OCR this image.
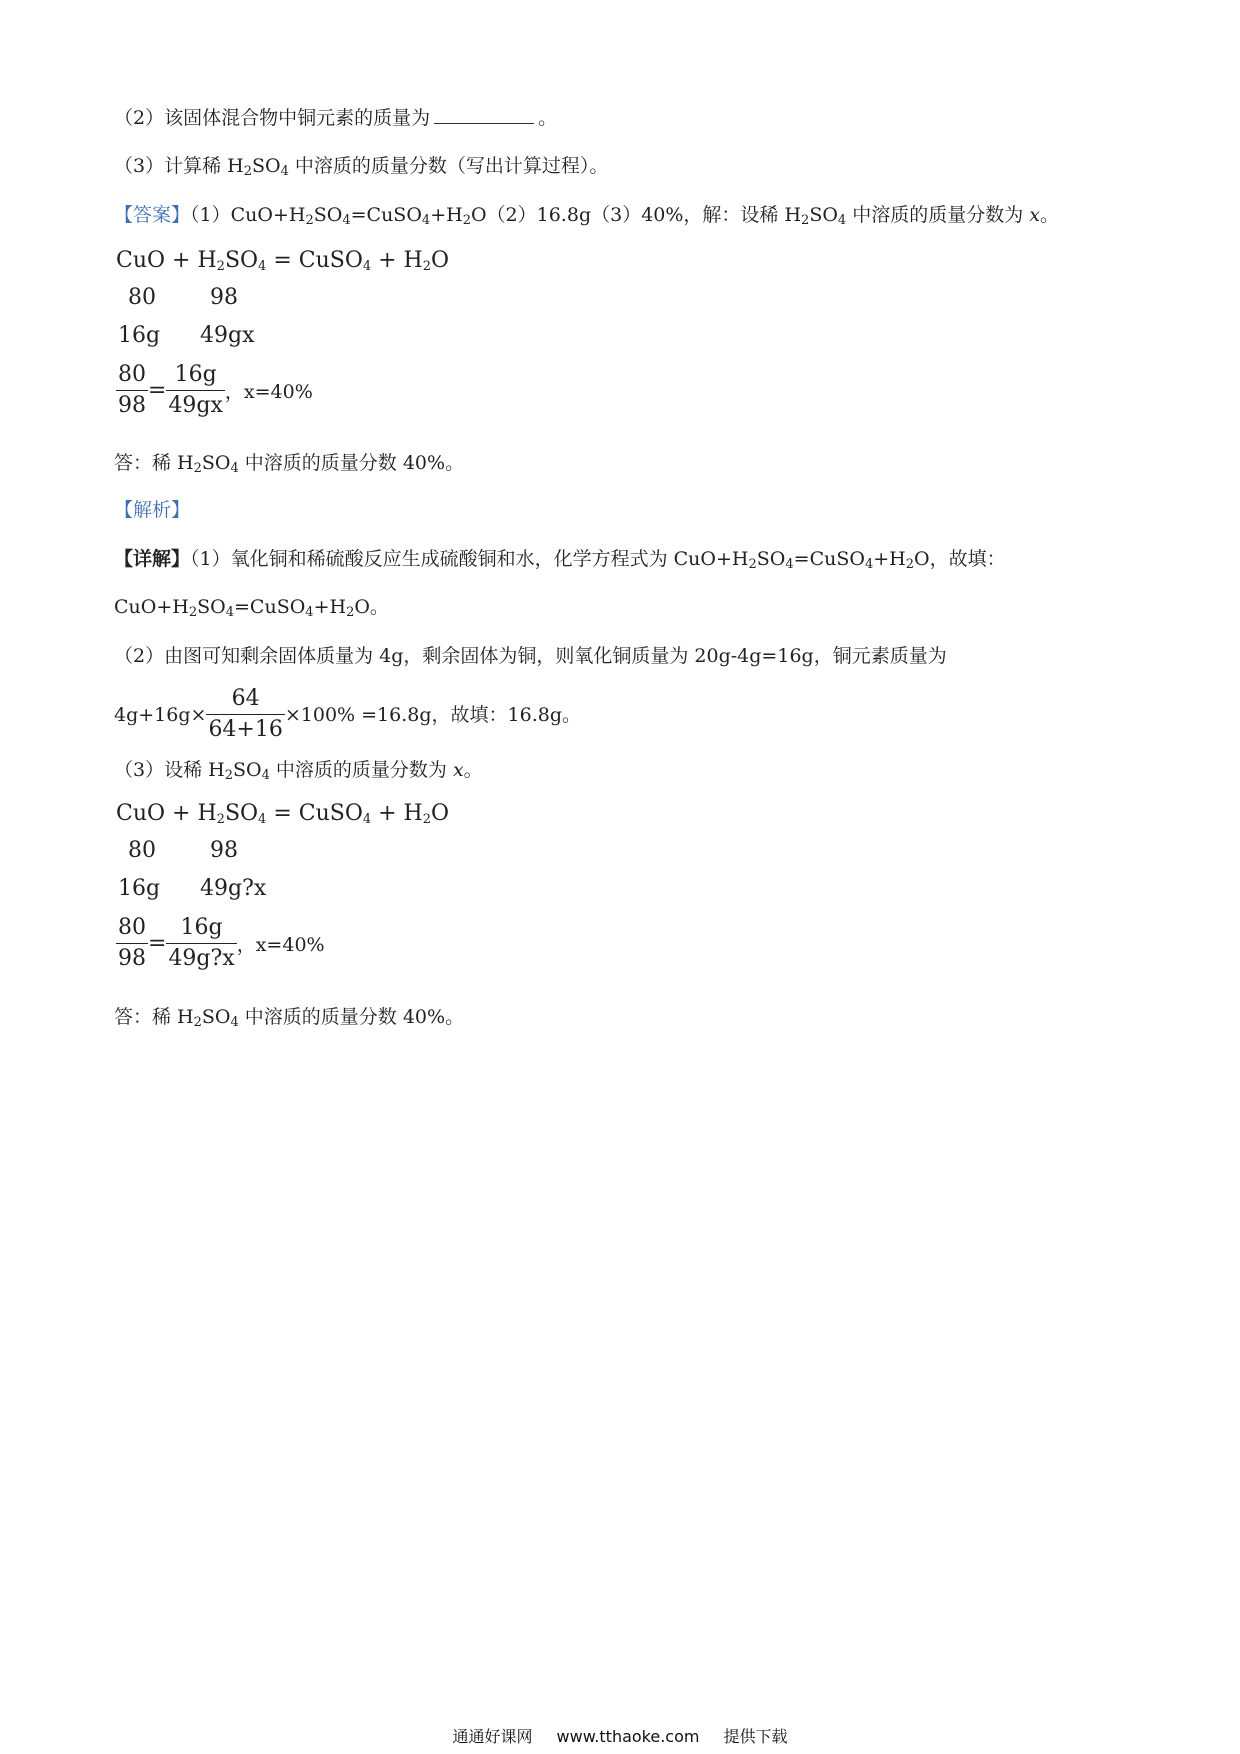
（2）该固体混合物中铜元素的质量为	。
（3）计算稀 $H_2SO_4$ 中溶质的质量分数（写出计算过程）。
【答案】$(1)CuO+H_2SO_4=CuSO_4+H_2O(2)16.8g(3)40\%$，解：设稀 $H_2SO_4$ 中溶质的质量分数为 x。
CuO + $H_2SO_4$ = CuSO$_4$ + $H_2O$
80 98
16g 49gx
$\frac{80}{98} = \frac{16g}{49gx}$ ，x=40%
答：稀 $H_2SO_4$ 中溶质的质量分数 40%。
【解析】
【详解】（1）氧化铜和稀硫酸反应生成硫酸铜和水，化学方程式为 $CuO+H_2SO_4=CuSO_4+H_2O$，故填：
$CuO+H_2SO_4=CuSO_4+H_2O$。
（2）由图可知剩余固体质量为 4g，剩余固体为铜，则氧化铜质量为 20g-4g=16g，铜元素质量为
$4g+16g\times \frac{64}{64+16} \times 100\% =16.8g$，故填：16.8g。
（3）设稀 $H_2SO_4$ 中溶质的质量分数为 x。
CuO + $H_2SO_4$ = CuSO$_4$ + $H_2O$
80 98
16g 49g?x
$\frac{80}{98} = \frac{16g}{49g?x}$ ，x=40%
答：稀 $H_2SO_4$ 中溶质的质量分数 40%。
通通好课网 www.tthaoke.com 提供下载
